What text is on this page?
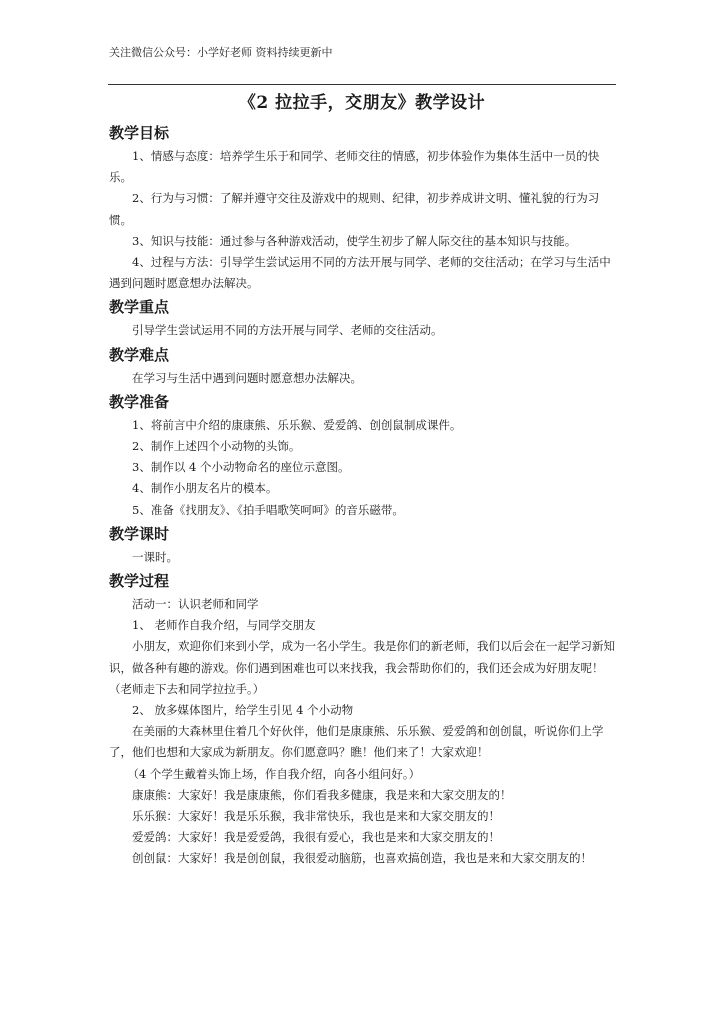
关注微信公众号：小学好老师 资料持续更新中
《2 拉拉手，交朋友》教学设计
教学目标

1、情感与态度：培养学生乐于和同学、老师交往的情感，初步体验作为集体生活中一员的快乐。

2、行为与习惯：了解并遵守交往及游戏中的规则、纪律，初步养成讲文明、懂礼貌的行为习惯。

3、知识与技能：通过参与各种游戏活动，使学生初步了解人际交往的基本知识与技能。

4、过程与方法：引导学生尝试运用不同的方法开展与同学、老师的交往活动；在学习与生活中遇到问题时愿意想办法解决。

教学重点

引导学生尝试运用不同的方法开展与同学、老师的交往活动。

教学难点

在学习与生活中遇到问题时愿意想办法解决。

教学准备

1、将前言中介绍的康康熊、乐乐猴、爱爱鸽、创创鼠制成课件。

2、制作上述四个小动物的头饰。

3、制作以 4 个小动物命名的座位示意图。

4、制作小朋友名片的模本。

5、准备《找朋友》、《拍手唱歌笑呵呵》的音乐磁带。

教学课时

一课时。

教学过程

活动一：认识老师和同学

1、 老师作自我介绍，与同学交朋友

小朋友，欢迎你们来到小学，成为一名小学生。我是你们的新老师，我们以后会在一起学习新知识，做各种有趣的游戏。你们遇到困难也可以来找我，我会帮助你们的，我们还会成为好朋友呢！（老师走下去和同学拉拉手。）

2、 放多媒体图片，给学生引见 4 个小动物

在美丽的大森林里住着几个好伙伴，他们是康康熊、乐乐猴、爱爱鸽和创创鼠，听说你们上学了，他们也想和大家成为新朋友。你们愿意吗？瞧！他们来了！大家欢迎！

（4 个学生戴着头饰上场，作自我介绍，向各小组问好。）

康康熊：大家好！我是康康熊，你们看我多健康，我是来和大家交朋友的！

乐乐猴：大家好！我是乐乐猴，我非常快乐，我也是来和大家交朋友的！

爱爱鸽：大家好！我是爱爱鸽，我很有爱心，我也是来和大家交朋友的！

创创鼠：大家好！我是创创鼠，我很爱动脑筋，也喜欢搞创造，我也是来和大家交朋友的！
